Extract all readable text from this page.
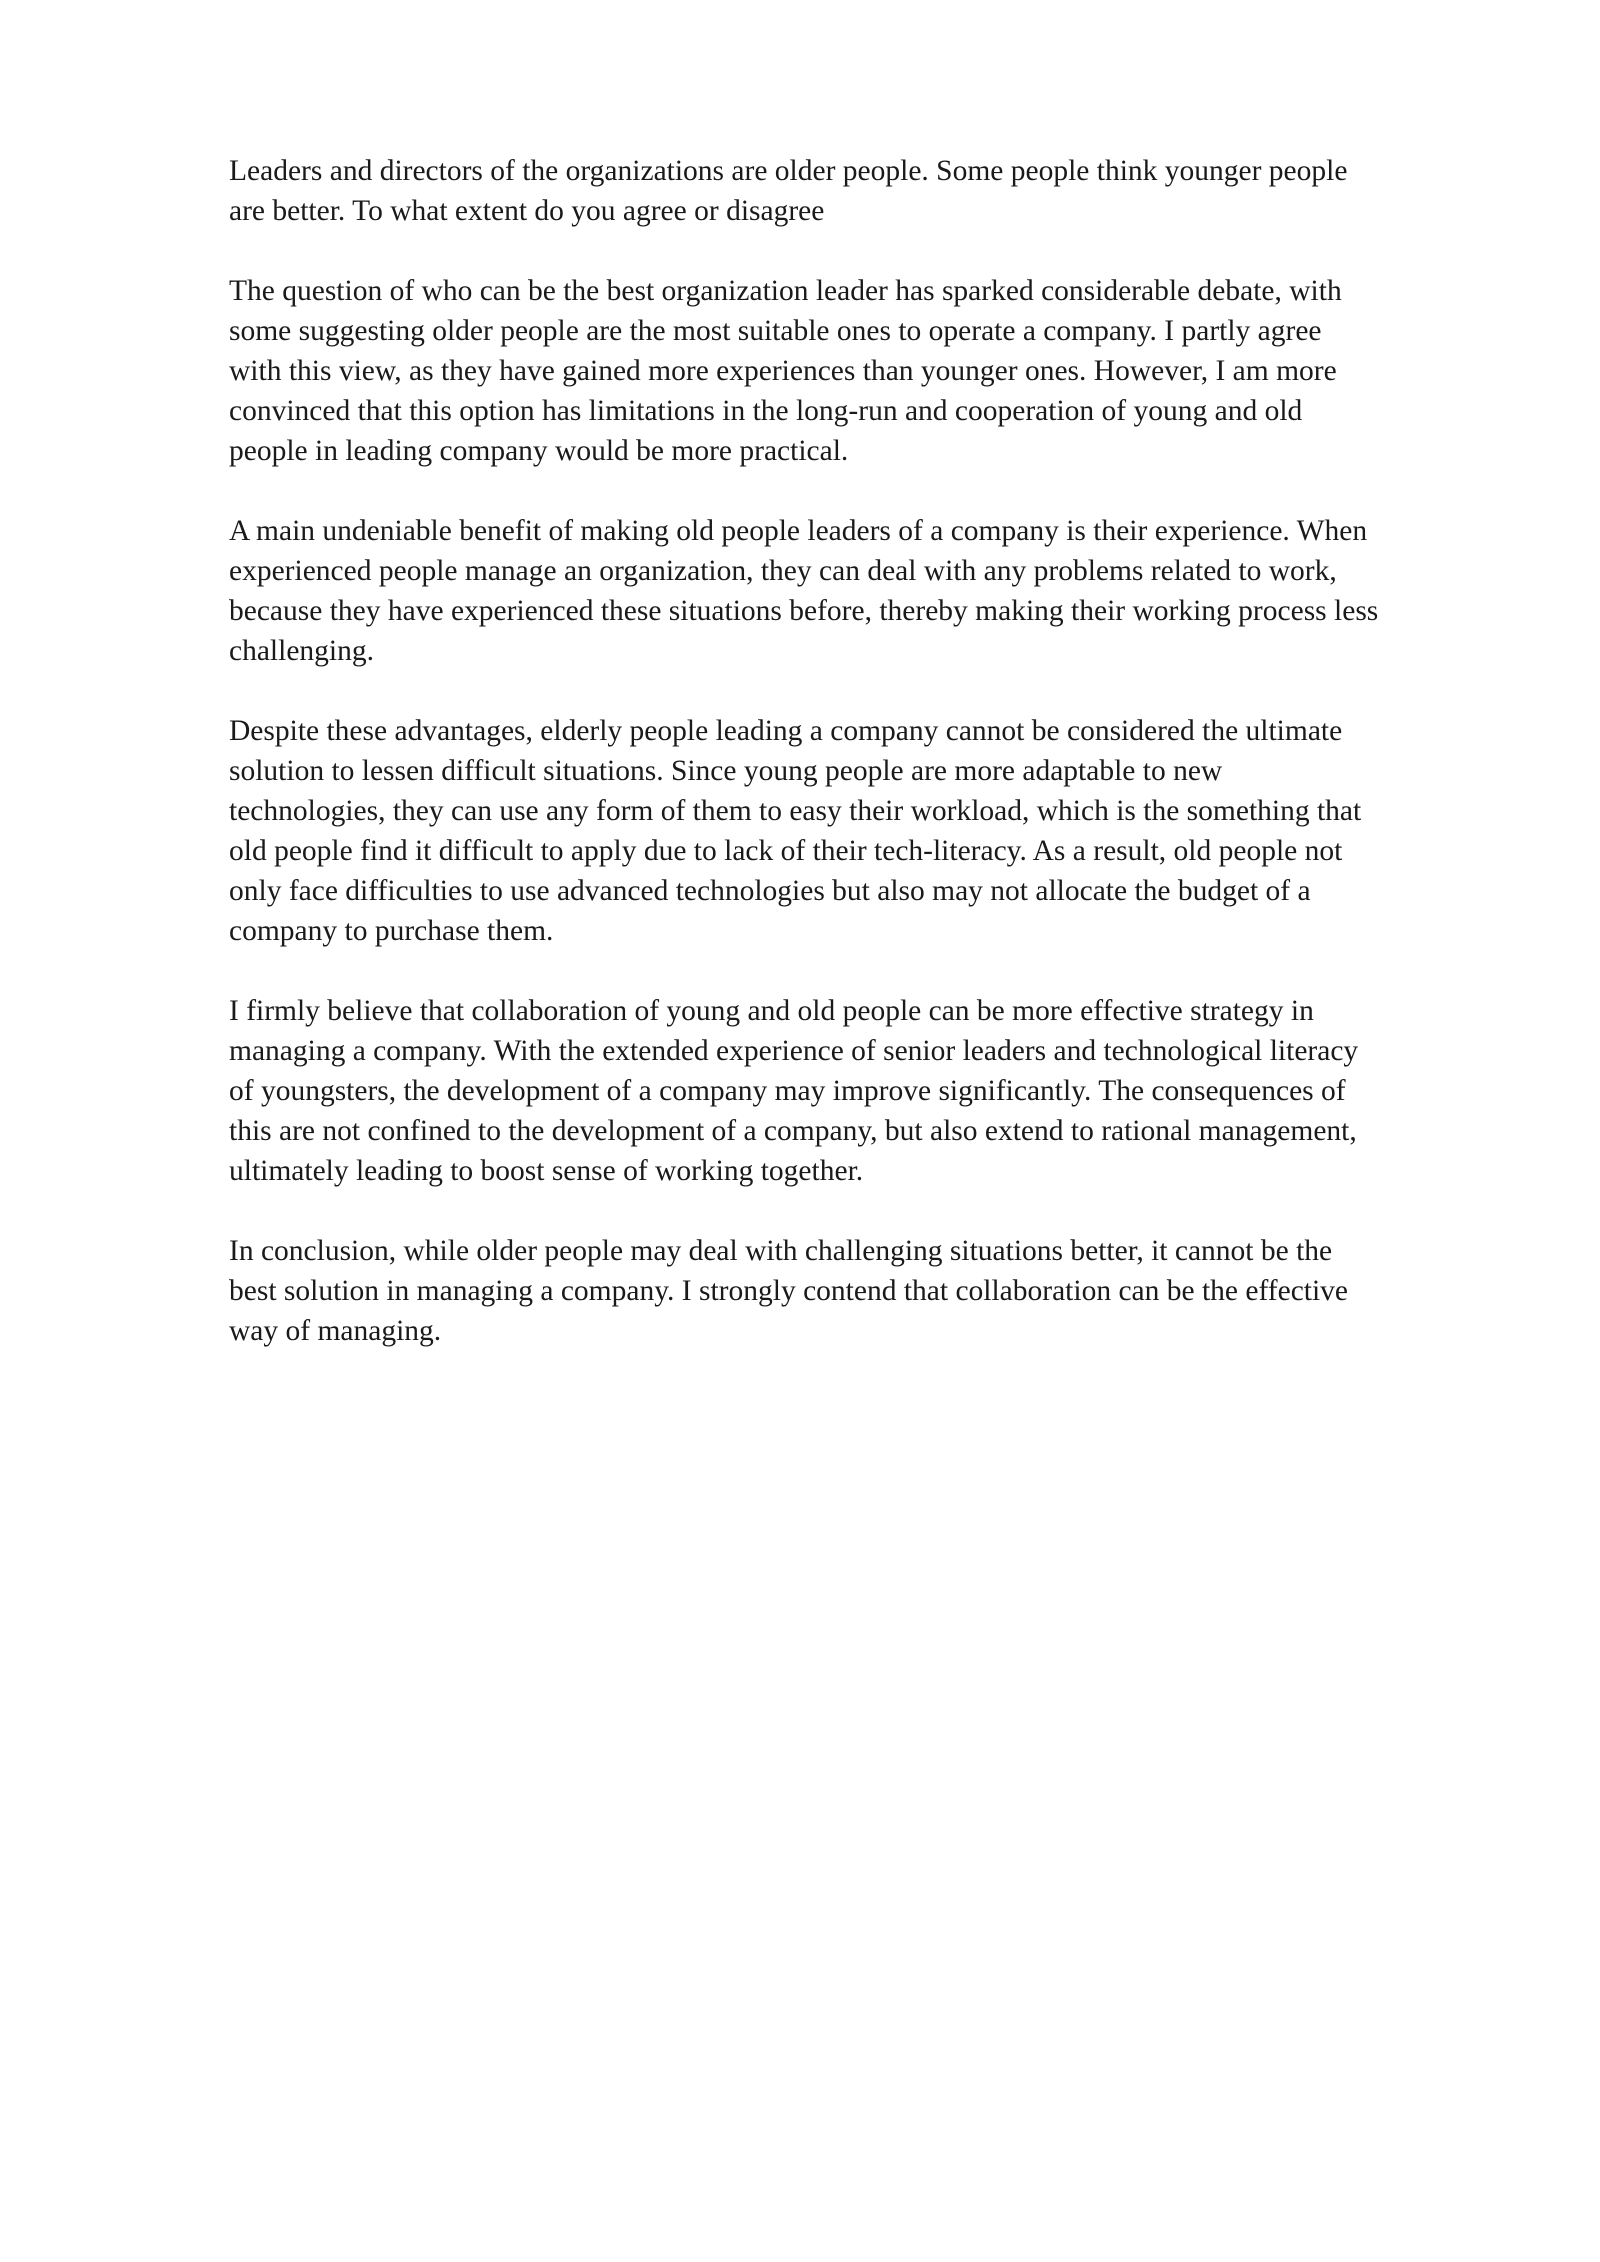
Leaders and directors of the organizations are older people. Some people think younger people
are better. To what extent do you agree or disagree

The question of who can be the best organization leader has sparked considerable debate, with
some suggesting older people are the most suitable ones to operate a company. I partly agree
with this view, as they have gained more experiences than younger ones. However, I am more
convinced that this option has limitations in the long-run and cooperation of young and old
people in leading company would be more practical.

A main undeniable benefit of making old people leaders of a company is their experience. When
experienced people manage an organization, they can deal with any problems related to work,
because they have experienced these situations before, thereby making their working process less
challenging.

Despite these advantages, elderly people leading a company cannot be considered the ultimate
solution to lessen difficult situations. Since young people are more adaptable to new
technologies, they can use any form of them to easy their workload, which is the something that
old people find it difficult to apply due to lack of their tech-literacy. As a result, old people not
only face difficulties to use advanced technologies but also may not allocate the budget of a
company to purchase them.

I firmly believe that collaboration of young and old people can be more effective strategy in
managing a company. With the extended experience of senior leaders and technological literacy
of youngsters, the development of a company may improve significantly. The consequences of
this are not confined to the development of a company, but also extend to rational management,
ultimately leading to boost sense of working together.

In conclusion, while older people may deal with challenging situations better, it cannot be the
best solution in managing a company. I strongly contend that collaboration can be the effective
way of managing.
